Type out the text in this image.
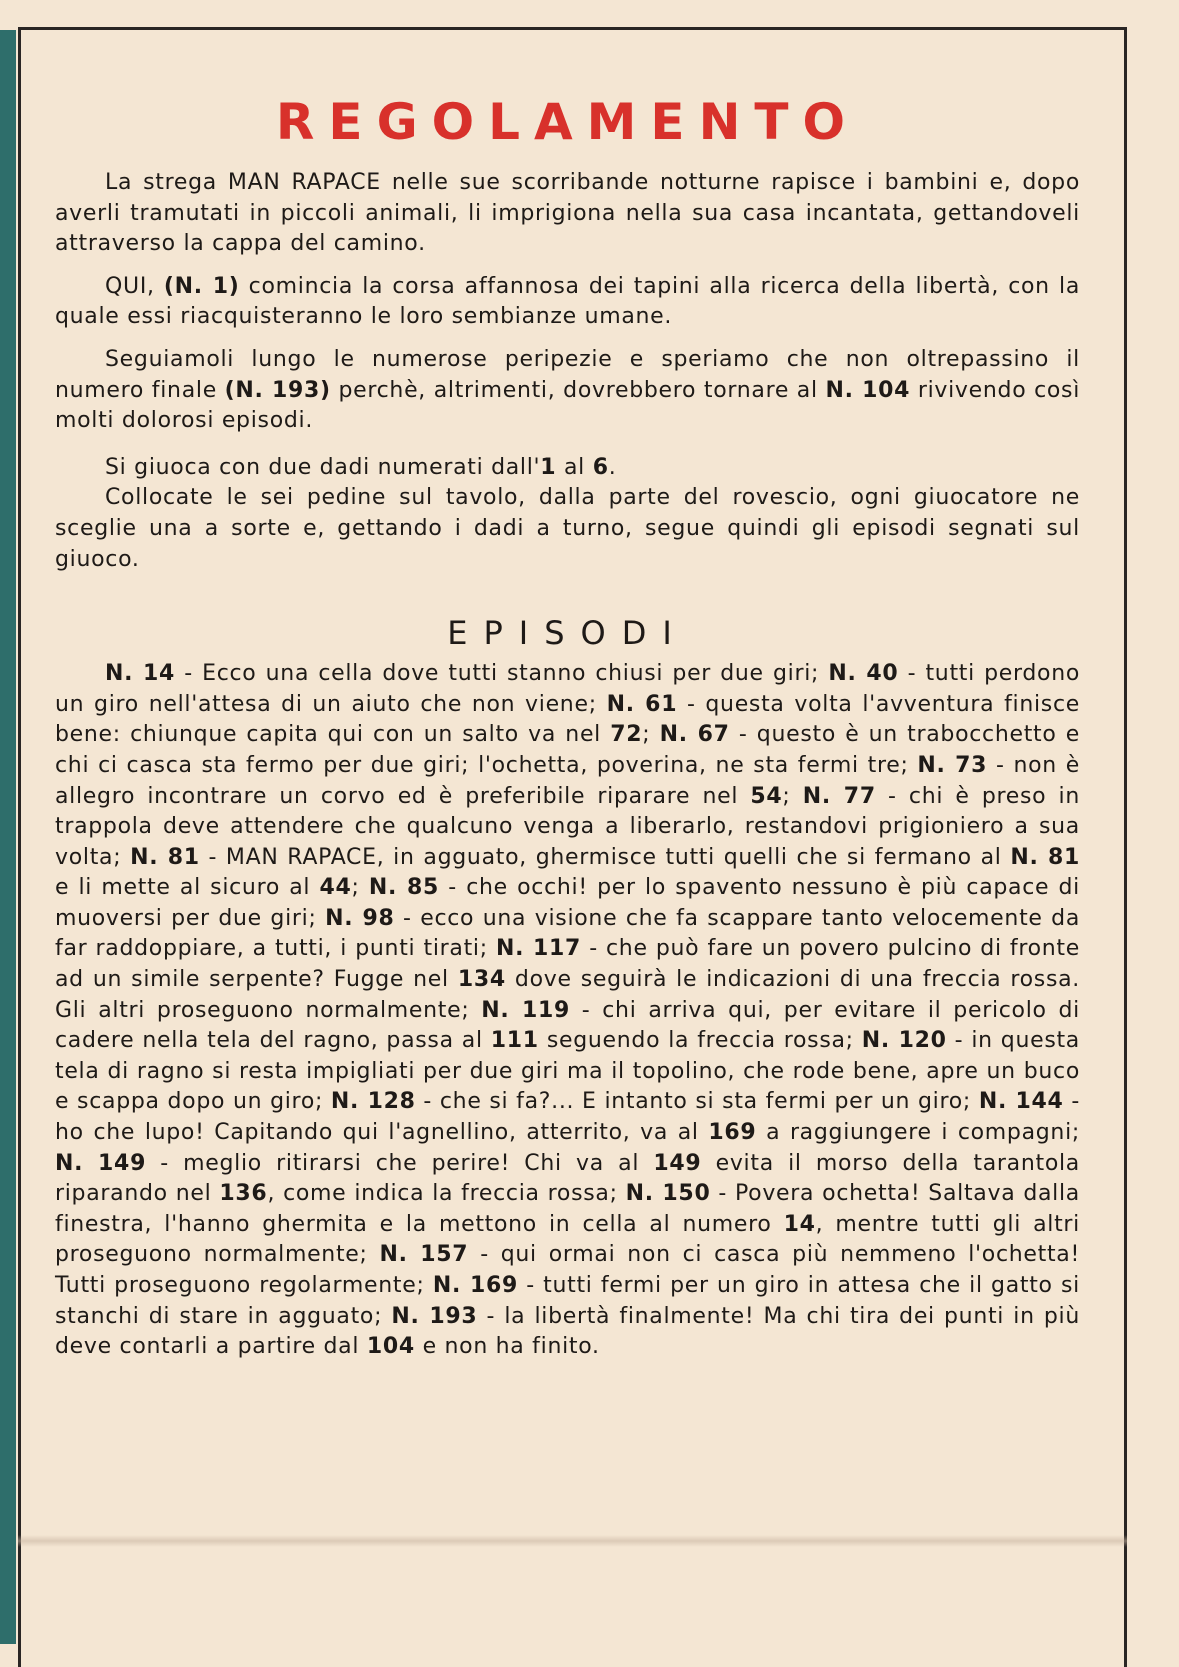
REGOLAMENTO

La strega MAN RAPACE nelle sue scorribande notturne rapisce i bambini e, dopo averli tramutati in piccoli animali, li imprigiona nella sua casa incantata, gettandoveli attraverso la cappa del camino.

QUI, (N. 1) comincia la corsa affannosa dei tapini alla ricerca della libertà, con la quale essi riacquisteranno le loro sembianze umane.

Seguiamoli lungo le numerose peripezie e speriamo che non oltrepassino il numero finale (N. 193) perchè, altrimenti, dovrebbero tornare al N. 104 rivivendo così molti dolorosi episodi.

Si giuoca con due dadi numerati dall'1 al 6.

Collocate le sei pedine sul tavolo, dalla parte del rovescio, ogni giuocatore ne sceglie una a sorte e, gettando i dadi a turno, segue quindi gli episodi segnati sul giuoco.

EPISODI

N. 14 - Ecco una cella dove tutti stanno chiusi per due giri; N. 40 - tutti perdono un giro nell'attesa di un aiuto che non viene; N. 61 - questa volta l'avventura finisce bene: chiunque capita qui con un salto va nel 72; N. 67 - questo è un trabocchetto e chi ci casca sta fermo per due giri; l'ochetta, poverina, ne sta fermi tre; N. 73 - non è allegro incontrare un corvo ed è preferibile riparare nel 54; N. 77 - chi è preso in trappola deve attendere che qualcuno venga a liberarlo, restandovi prigioniero a sua volta; N. 81 - MAN RAPACE, in agguato, ghermisce tutti quelli che si fermano al N. 81 e li mette al sicuro al 44; N. 85 - che occhi! per lo spavento nessuno è più capace di muoversi per due giri; N. 98 - ecco una visione che fa scappare tanto velocemente da far raddoppiare, a tutti, i punti tirati; N. 117 - che può fare un povero pulcino di fronte ad un simile serpente? Fugge nel 134 dove seguirà le indicazioni di una freccia rossa. Gli altri proseguono normalmente; N. 119 - chi arriva qui, per evitare il pericolo di cadere nella tela del ragno, passa al 111 seguendo la freccia rossa; N. 120 - in questa tela di ragno si resta impigliati per due giri ma il topolino, che rode bene, apre un buco e scappa dopo un giro; N. 128 - che si fa?... E intanto si sta fermi per un giro; N. 144 - ho che lupo! Capitando qui l'agnellino, atterrito, va al 169 a raggiungere i compagni; N. 149 - meglio ritirarsi che perire! Chi va al 149 evita il morso della tarantola riparando nel 136, come indica la freccia rossa; N. 150 - Povera ochetta! Saltava dalla finestra, l'hanno ghermita e la mettono in cella al numero 14, mentre tutti gli altri proseguono normalmente; N. 157 - qui ormai non ci casca più nemmeno l'ochetta! Tutti proseguono regolarmente; N. 169 - tutti fermi per un giro in attesa che il gatto si stanchi di stare in agguato; N. 193 - la libertà finalmente! Ma chi tira dei punti in più deve contarli a partire dal 104 e non ha finito.
